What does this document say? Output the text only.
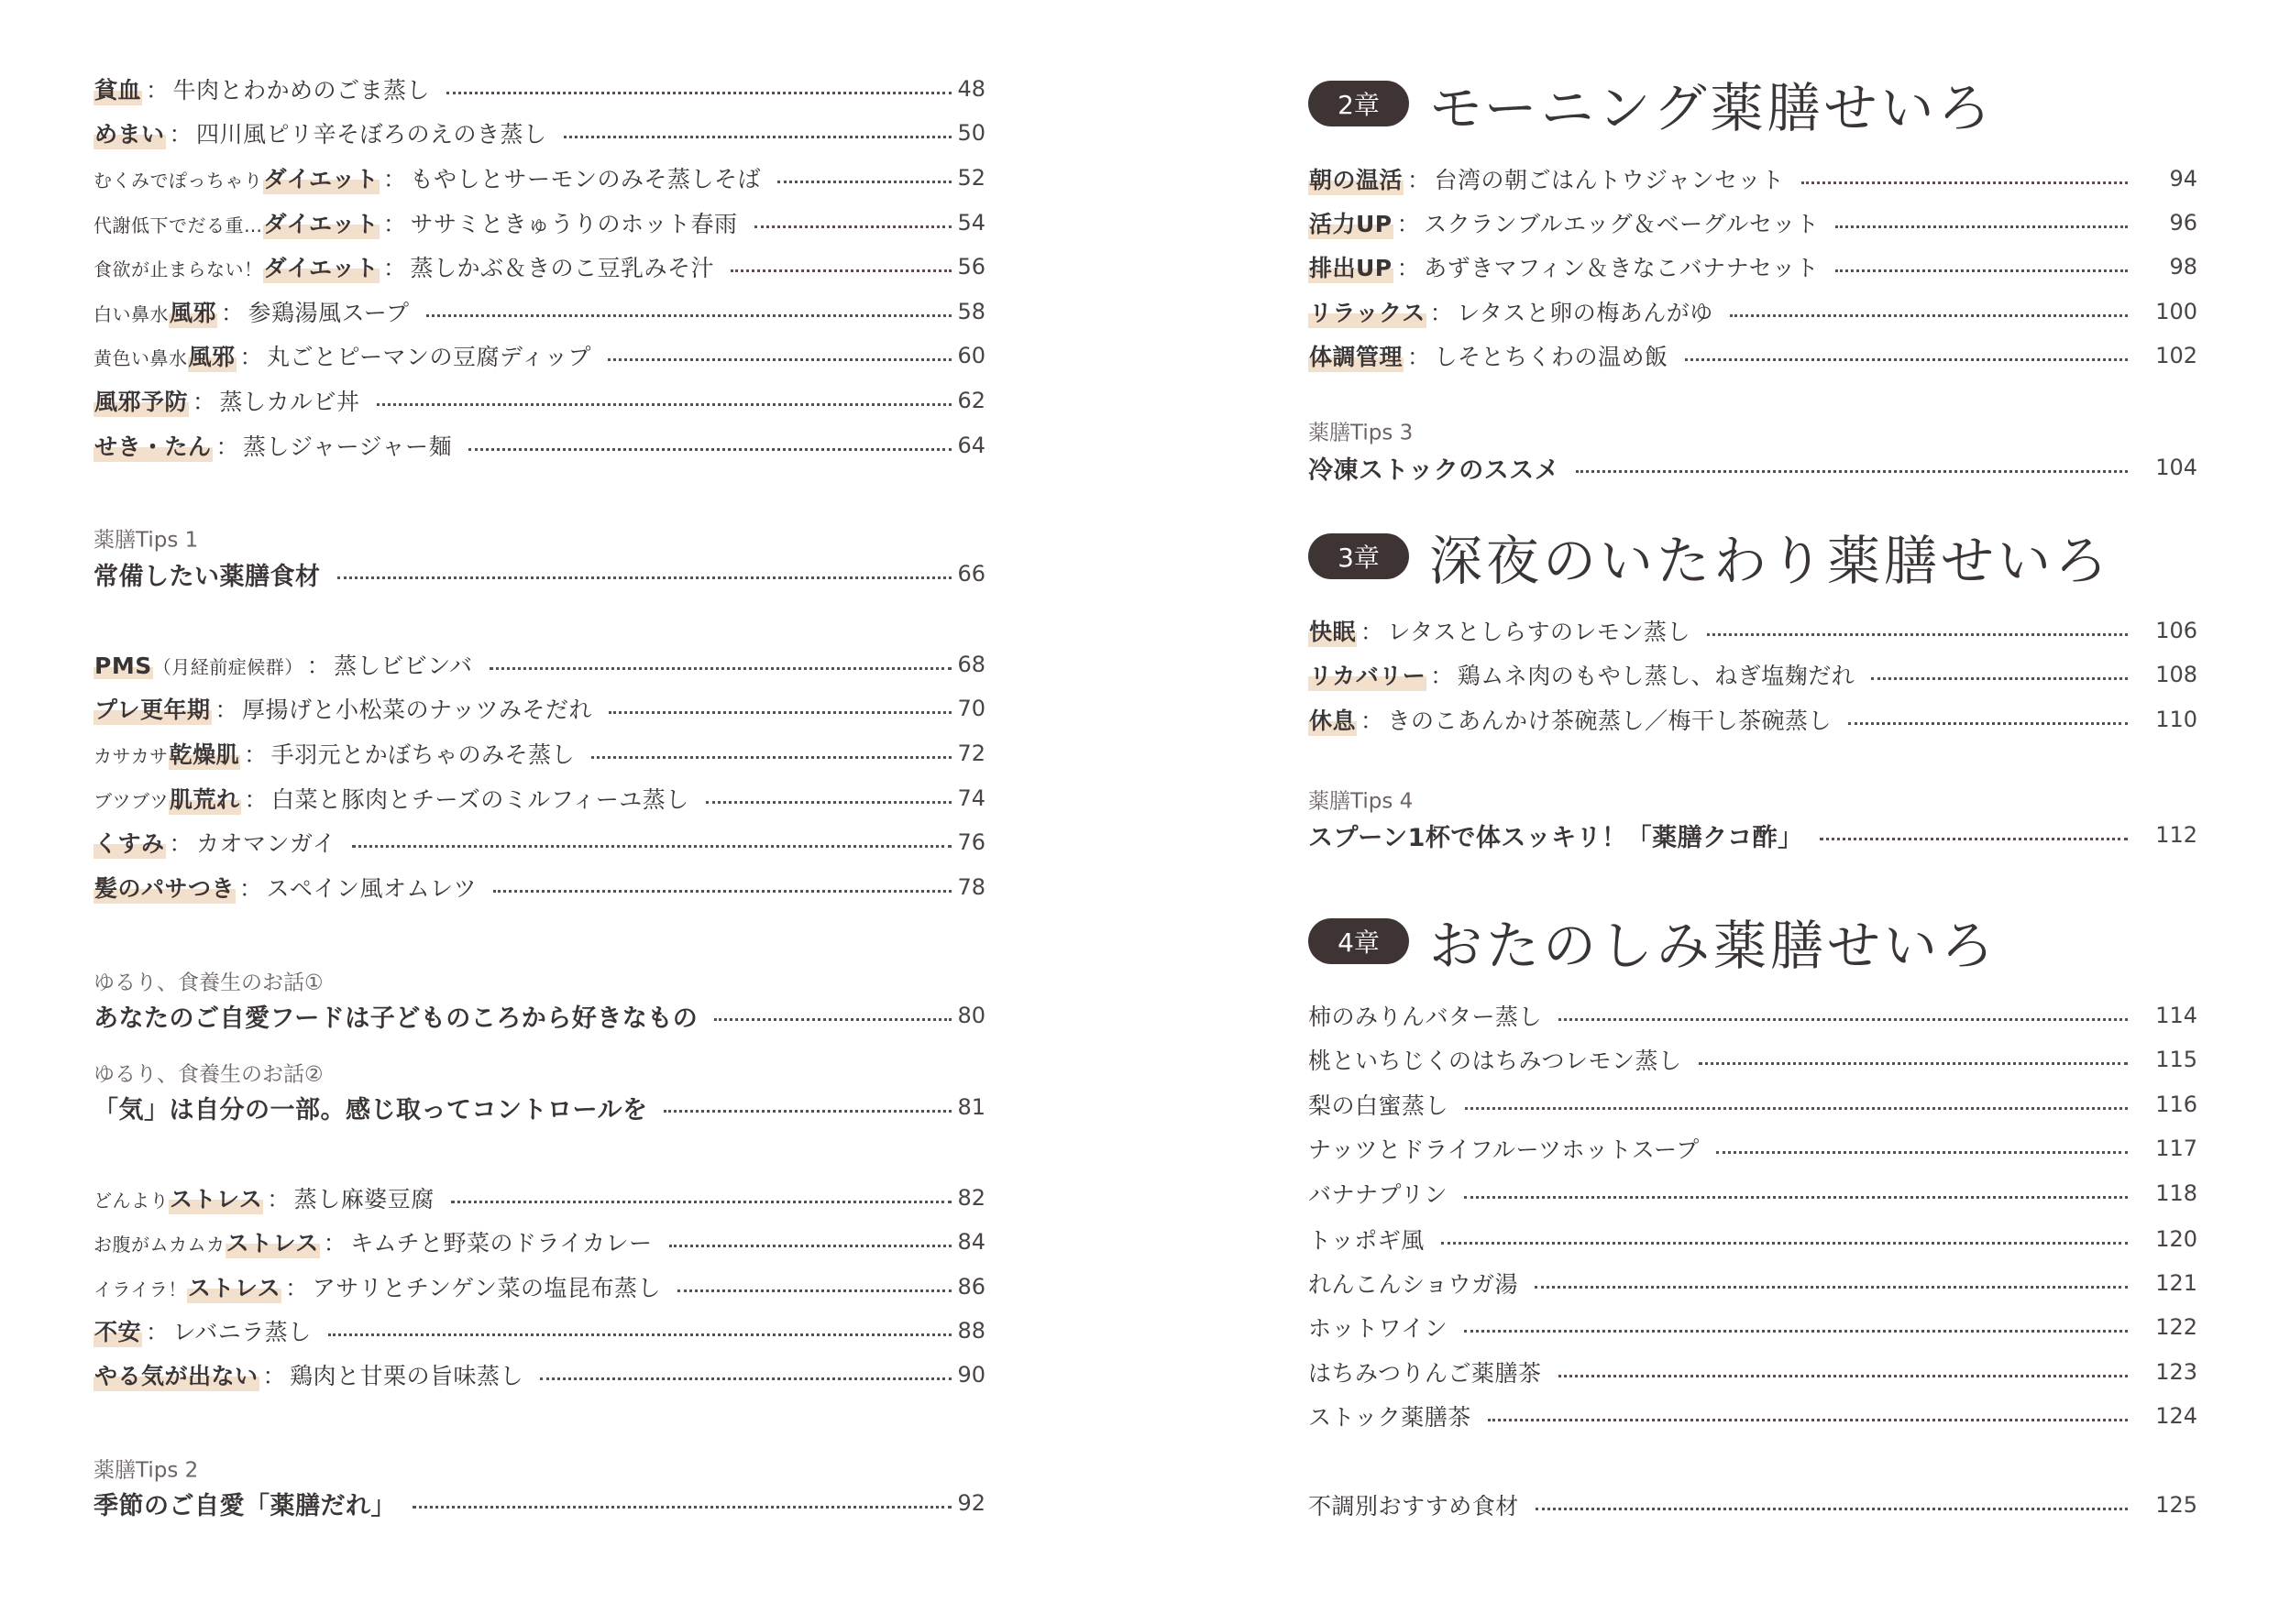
貧血 ： 牛肉とわかめのごま蒸し	48
めまい ： 四川風ピリ辛そぼろのえのき蒸し	50
むくみでぽっちゃり ダイエット ： もやしとサーモンのみそ蒸しそば	52
代謝低下でだる重… ダイエット ： ササミときゅうりのホット春雨	54
食欲が止まらない！ ダイエット ： 蒸しかぶ＆きのこ豆乳みそ汁	56
白い鼻水 風邪 ： 参鶏湯風スープ	58
黄色い鼻水 風邪 ： 丸ごとピーマンの豆腐ディップ	60
風邪予防 ： 蒸しカルビ丼	62
せき・たん ： 蒸しジャージャー麺	64
薬膳Tips 1
常備したい薬膳食材	66
PMS （月経前症候群） ： 蒸しビビンバ	68
プレ更年期 ： 厚揚げと小松菜のナッツみそだれ	70
カサカサ 乾燥肌 ： 手羽元とかぼちゃのみそ蒸し	72
ブツブツ 肌荒れ ： 白菜と豚肉とチーズのミルフィーユ蒸し	74
くすみ ： カオマンガイ	76
髪のパサつき ： スペイン風オムレツ	78
ゆるり、食養生のお話①
あなたのご自愛フードは子どものころから好きなもの	80
ゆるり、食養生のお話②
「気」は自分の一部。感じ取ってコントロールを	81
どんより ストレス ： 蒸し麻婆豆腐	82
お腹がムカムカ ストレス ： キムチと野菜のドライカレー	84
イライラ！ ストレス ： アサリとチンゲン菜の塩昆布蒸し	86
不安 ： レバニラ蒸し	88
やる気が出ない ： 鶏肉と甘栗の旨味蒸し	90
薬膳Tips 2
季節のご自愛「薬膳だれ」	92
2章 モーニング薬膳せいろ
朝の温活 ： 台湾の朝ごはんトウジャンセット	94
活力UP ： スクランブルエッグ＆ベーグルセット	96
排出UP ： あずきマフィン＆きなこバナナセット	98
リラックス ： レタスと卵の梅あんがゆ	100
体調管理 ： しそとちくわの温め飯	102
薬膳Tips 3
冷凍ストックのススメ	104
3章 深夜のいたわり薬膳せいろ
快眠 ： レタスとしらすのレモン蒸し	106
リカバリー ： 鶏ムネ肉のもやし蒸し、ねぎ塩麹だれ	108
休息 ： きのこあんかけ茶碗蒸し／梅干し茶碗蒸し	110
薬膳Tips 4
スプーン1杯で体スッキリ！「薬膳クコ酢」	112
4章 おたのしみ薬膳せいろ
柿のみりんバター蒸し	114
桃といちじくのはちみつレモン蒸し	115
梨の白蜜蒸し	116
ナッツとドライフルーツホットスープ	117
バナナプリン	118
トッポギ風	120
れんこんショウガ湯	121
ホットワイン	122
はちみつりんご薬膳茶	123
ストック薬膳茶	124
不調別おすすめ食材	125
